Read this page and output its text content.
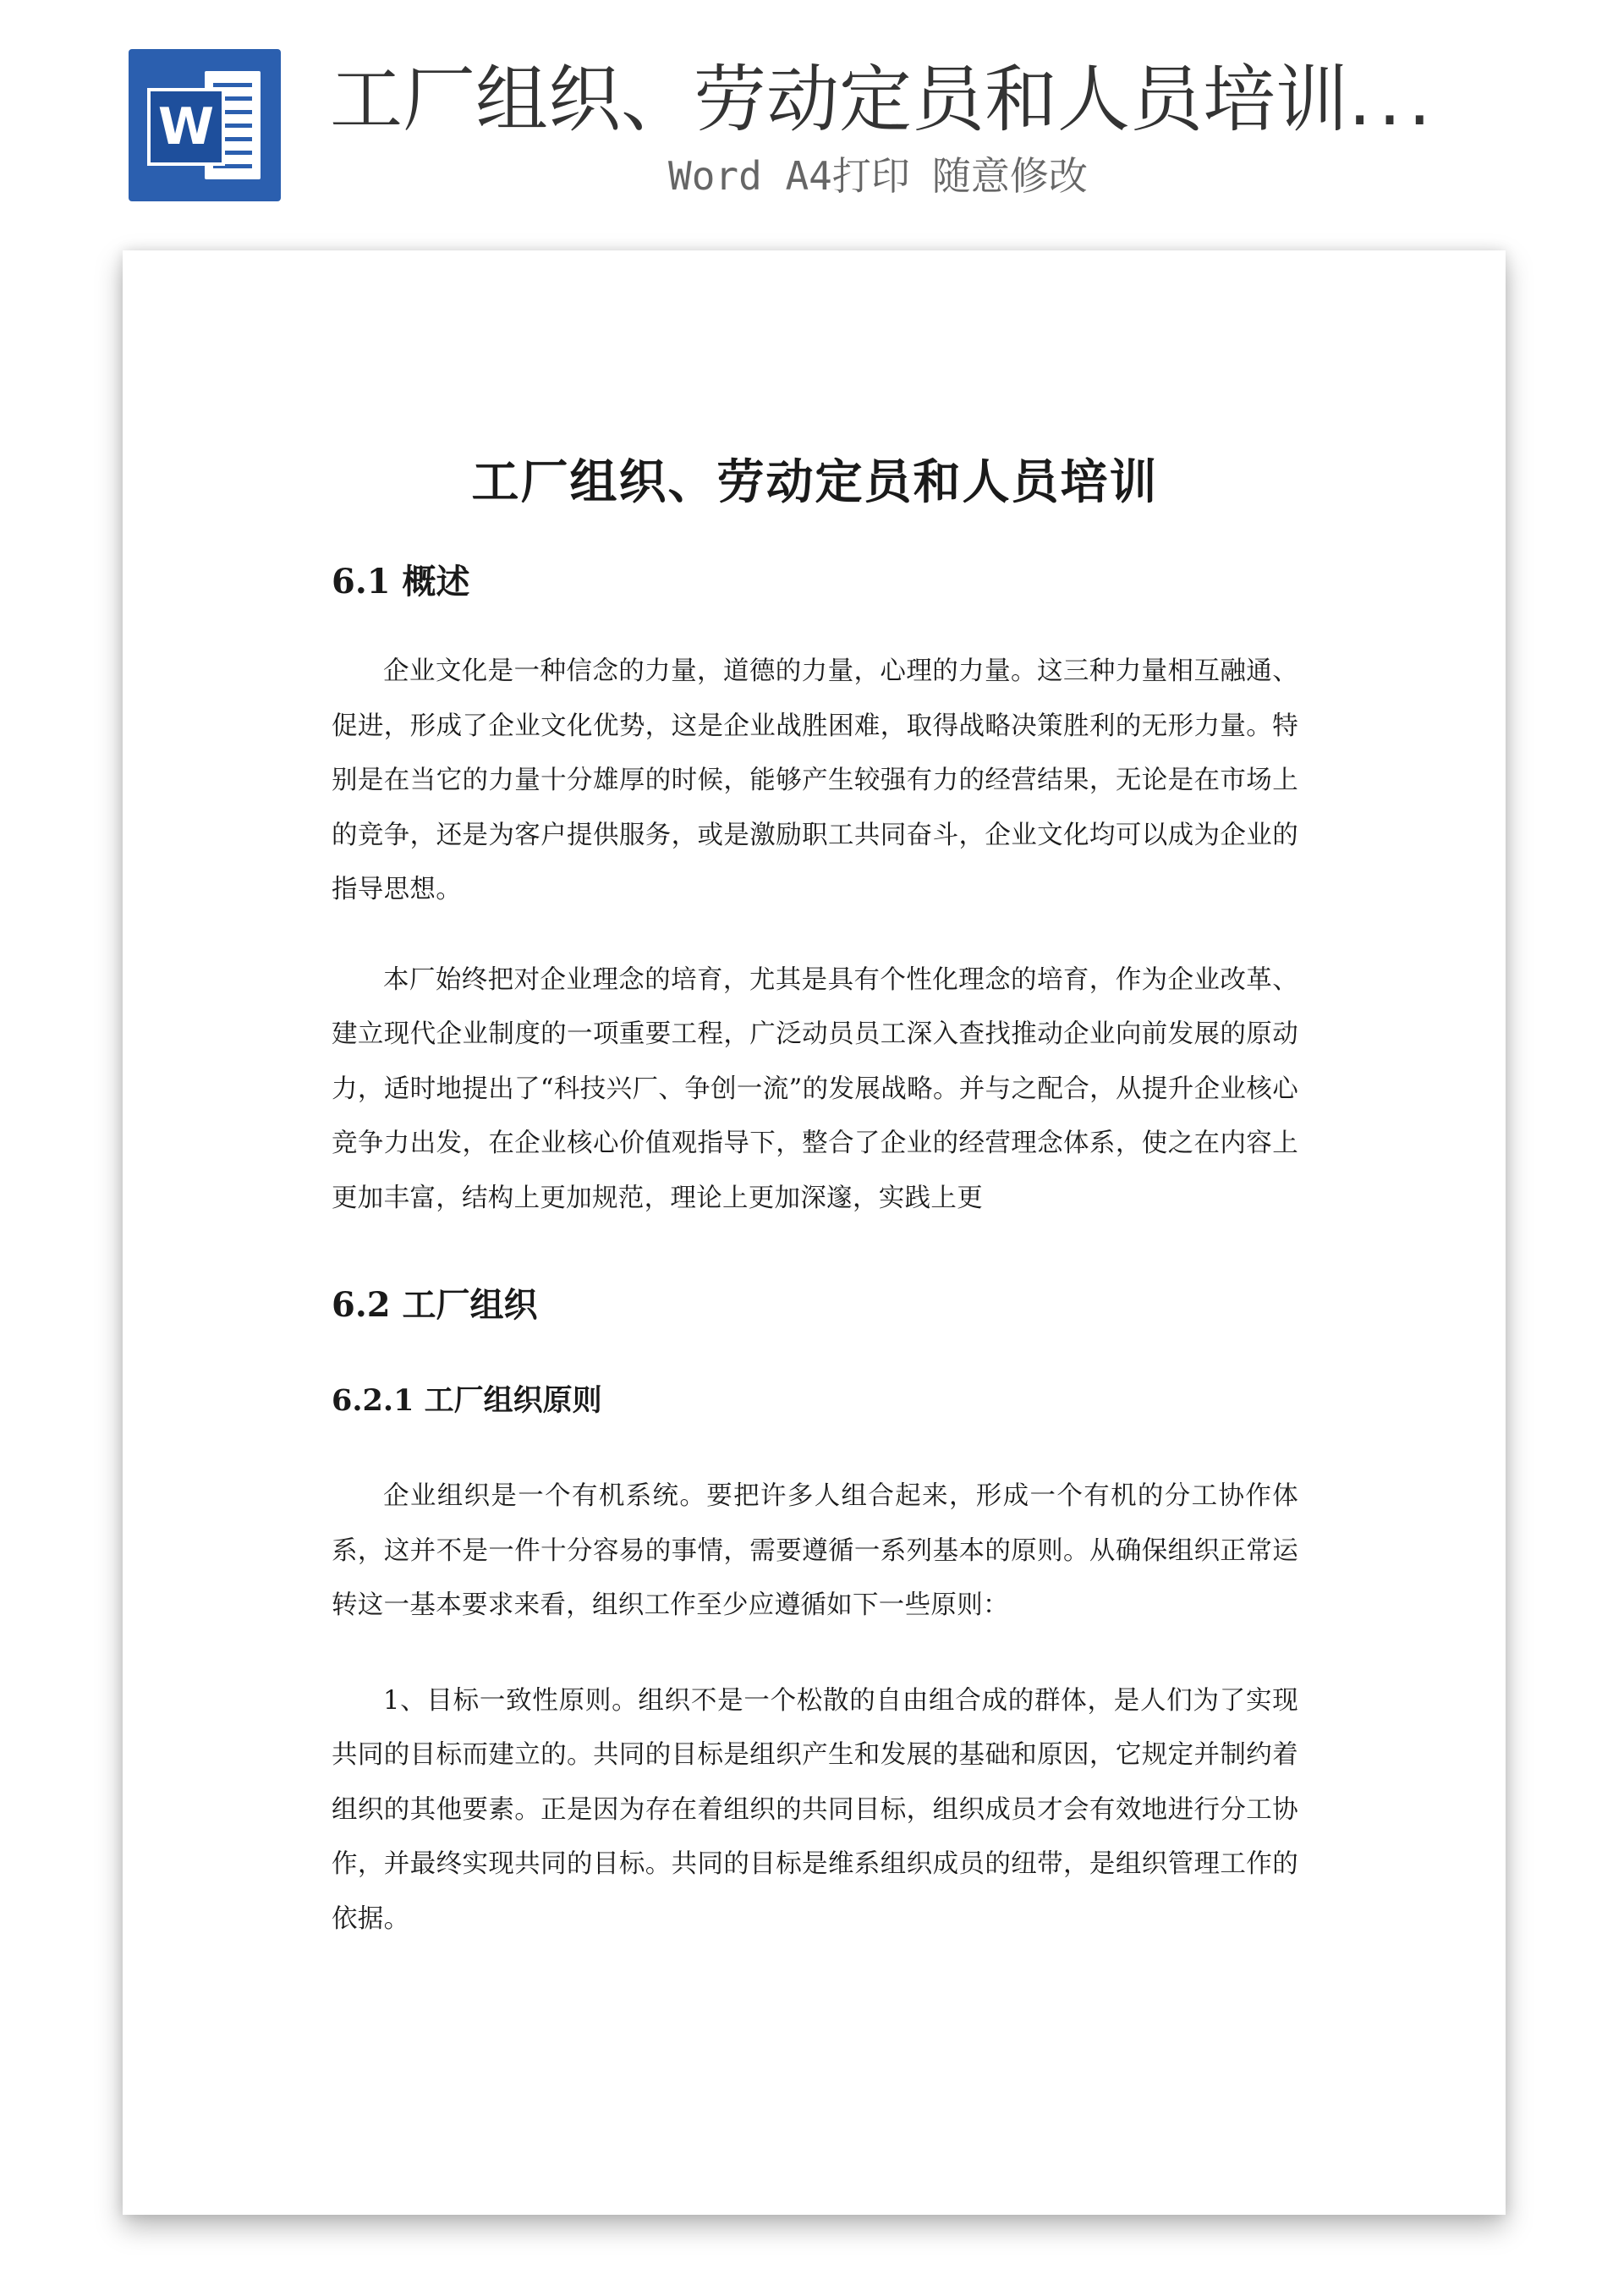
W 工厂组织、劳动定员和人员培训...
Word A4打印 随意修改
工厂组织、劳动定员和人员培训
6.1 概述

企业文化是一种信念的力量，道德的力量，心理的力量。这三种力量相互融通、促进，形成了企业文化优势，这是企业战胜困难，取得战略决策胜利的无形力量。特别是在当它的力量十分雄厚的时候，能够产生较强有力的经营结果，无论是在市场上的竞争，还是为客户提供服务，或是激励职工共同奋斗，企业文化均可以成为企业的指导思想。

本厂始终把对企业理念的培育，尤其是具有个性化理念的培育，作为企业改革、建立现代企业制度的一项重要工程，广泛动员员工深入查找推动企业向前发展的原动力，适时地提出了“科技兴厂、争创一流”的发展战略。并与之配合，从提升企业核心竞争力出发，在企业核心价值观指导下，整合了企业的经营理念体系，使之在内容上更加丰富，结构上更加规范，理论上更加深邃，实践上更

6.2 工厂组织
6.2.1 工厂组织原则

企业组织是一个有机系统。要把许多人组合起来，形成一个有机的分工协作体系，这并不是一件十分容易的事情，需要遵循一系列基本的原则。从确保组织正常运转这一基本要求来看，组织工作至少应遵循如下一些原则：

1、目标一致性原则。组织不是一个松散的自由组合成的群体，是人们为了实现共同的目标而建立的。共同的目标是组织产生和发展的基础和原因，它规定并制约着组织的其他要素。正是因为存在着组织的共同目标，组织成员才会有效地进行分工协作，并最终实现共同的目标。共同的目标是维系组织成员的纽带，是组织管理工作的依据。
